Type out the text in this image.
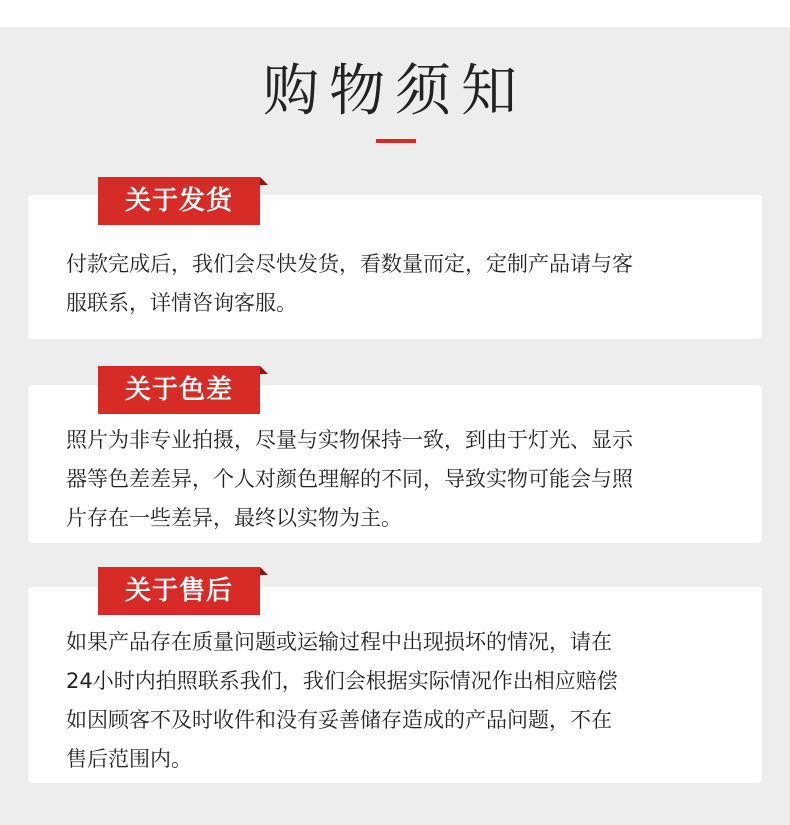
购物须知
付款完成后，我们会尽快发货，看数量而定，定制产品请与客
服联系，详情咨询客服。
关于发货
照片为非专业拍摄，尽量与实物保持一致，到由于灯光、显示
器等色差差异，个人对颜色理解的不同，导致实物可能会与照
片存在一些差异，最终以实物为主。
关于色差
如果产品存在质量问题或运输过程中出现损坏的情况，请在
24小时内拍照联系我们，我们会根据实际情况作出相应赔偿
如因顾客不及时收件和没有妥善储存造成的产品问题，不在
售后范围内。
关于售后
